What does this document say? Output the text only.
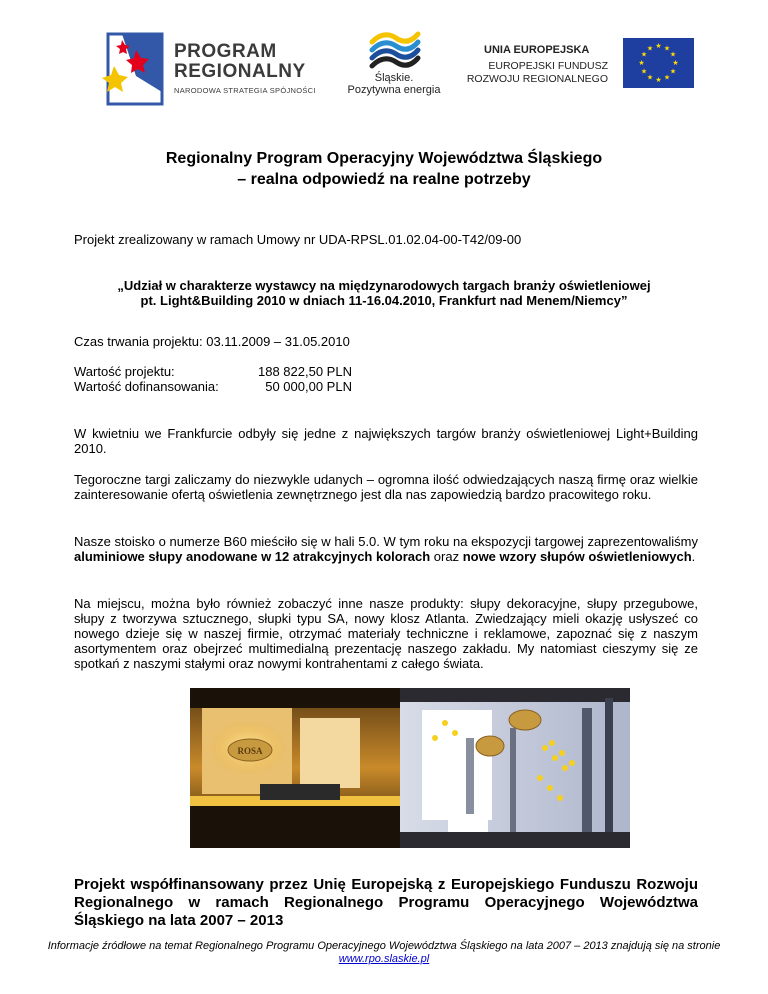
PROGRAM
REGIONALNY
NARODOWA STRATEGIA SPÓJNOŚCI
Śląskie.
Pozytywna energia
UNIA EUROPEJSKA
EUROPEJSKI FUNDUSZ
ROZWOJU REGIONALNEGO
★ ★
★
★
★
★
★
★
★
★
★
★
Regionalny Program Operacyjny Województwa Śląskiego
– realna odpowiedź na realne potrzeby
Projekt zrealizowany w ramach Umowy nr UDA-RPSL.01.02.04-00-T42/09-00
„Udział w charakterze wystawcy na międzynarodowych targach branży oświetleniowej
pt. Light&Building 2010 w dniach 11-16.04.2010, Frankfurt nad Menem/Niemcy”
Czas trwania projektu: 03.11.2009 – 31.05.2010
Wartość projektu:	188 822,50 PLN
Wartość dofinansowania:	50 000,00 PLN
W kwietniu we Frankfurcie odbyły się jedne z największych targów branży oświetleniowej Light+Building 2010.
Tegoroczne targi zaliczamy do niezwykle udanych – ogromna ilość odwiedzających naszą firmę oraz wielkie zainteresowanie ofertą oświetlenia zewnętrznego jest dla nas zapowiedzią bardzo pracowitego roku.
Nasze stoisko o numerze B60 mieściło się w hali 5.0. W tym roku na ekspozycji targowej zaprezentowaliśmy aluminiowe słupy anodowane w 12 atrakcyjnych kolorach oraz nowe wzory słupów oświetleniowych.
Na miejscu, można było również zobaczyć inne nasze produkty: słupy dekoracyjne, słupy przegubowe, słupy z tworzywa sztucznego, słupki typu SA, nowy klosz Atlanta. Zwiedzający mieli okazję usłyszeć co nowego dzieje się w naszej firmie, otrzymać materiały techniczne i reklamowe, zapoznać się z naszym asortymentem oraz obejrzeć multimedialną prezentację naszego zakładu. My natomiast cieszymy się ze spotkań z naszymi stałymi oraz nowymi kontrahentami z całego świata.
ROSA
Projekt współfinansowany przez Unię Europejską z Europejskiego Funduszu Rozwoju Regionalnego w ramach Regionalnego Programu Operacyjnego Województwa Śląskiego na lata 2007 – 2013
Informacje źródłowe na temat Regionalnego Programu Operacyjnego Województwa Śląskiego na lata 2007 – 2013 znajdują się na stronie www.rpo.slaskie.pl
